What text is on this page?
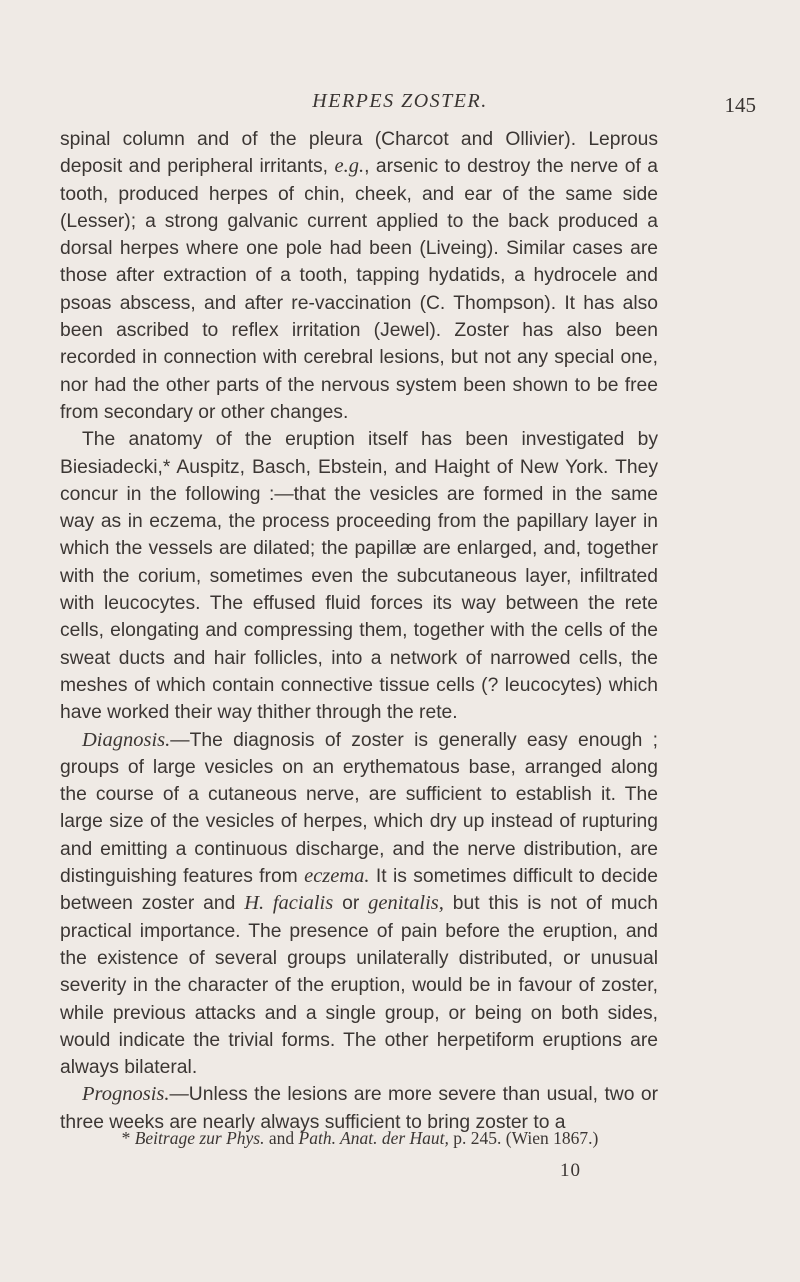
HERPES ZOSTER.	145

spinal column and of the pleura (Charcot and Ollivier). Leprous deposit and peripheral irritants, e.g., arsenic to destroy the nerve of a tooth, produced herpes of chin, cheek, and ear of the same side (Lesser); a strong galvanic current applied to the back produced a dorsal herpes where one pole had been (Liveing). Similar cases are those after extraction of a tooth, tapping hydatids, a hydrocele and psoas abscess, and after re-vaccination (C. Thompson). It has also been ascribed to reflex irritation (Jewel). Zoster has also been recorded in connection with cerebral lesions, but not any special one, nor had the other parts of the nervous system been shown to be free from secondary or other changes.

The anatomy of the eruption itself has been investigated by Biesiadecki,* Auspitz, Basch, Ebstein, and Haight of New York. They concur in the following :—that the vesicles are formed in the same way as in eczema, the process proceeding from the papillary layer in which the vessels are dilated; the papillæ are enlarged, and, together with the corium, sometimes even the subcutaneous layer, infiltrated with leucocytes. The effused fluid forces its way between the rete cells, elongating and compressing them, together with the cells of the sweat ducts and hair follicles, into a network of narrowed cells, the meshes of which contain connective tissue cells (? leucocytes) which have worked their way thither through the rete.

Diagnosis.—The diagnosis of zoster is generally easy enough ; groups of large vesicles on an erythematous base, arranged along the course of a cutaneous nerve, are sufficient to establish it. The large size of the vesicles of herpes, which dry up instead of rupturing and emitting a continuous discharge, and the nerve distribution, are distinguishing features from eczema. It is sometimes difficult to decide between zoster and H. facialis or genitalis, but this is not of much practical importance. The presence of pain before the eruption, and the existence of several groups unilaterally distributed, or unusual severity in the character of the eruption, would be in favour of zoster, while previous attacks and a single group, or being on both sides, would indicate the trivial forms. The other herpetiform eruptions are always bilateral.

Prognosis.—Unless the lesions are more severe than usual, two or three weeks are nearly always sufficient to bring zoster to a

* Beitrage zur Phys. and Path. Anat. der Haut, p. 245. (Wien 1867.)
10
